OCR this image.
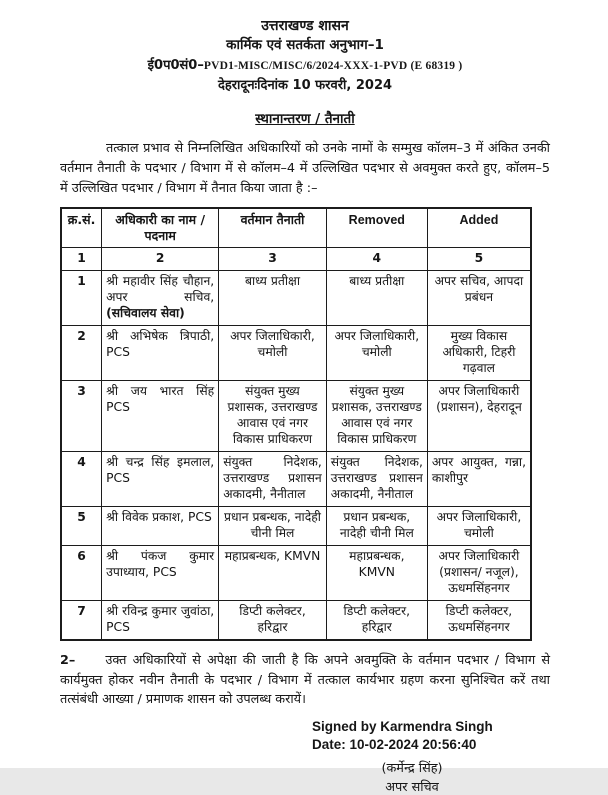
उत्तराखण्ड शासन
कार्मिक एवं सतर्कता अनुभाग–1
ई0प0सं0–PVD1-MISC/MISC/6/2024-XXX-1-PVD (E 68319 )
देहरादूनःदिनांक 10 फरवरी, 2024
स्थानान्तरण / तैनाती

तत्काल प्रभाव से निम्नलिखित अधिकारियों को उनके नामों के सम्मुख कॉलम–3 में अंकित उनकी वर्तमान तैनाती के पदभार / विभाग में से कॉलम–4 में उल्लिखित पदभार से अवमुक्त करते हुए, कॉलम–5 में उल्लिखित पदभार / विभाग में तैनात किया जाता है :–

क्र.सं.	अधिकारी का नाम / पदनाम	वर्तमान तैनाती	Removed	Added
1	2	3	4	5
1	श्री महावीर सिंह चौहान, अपर सचिव, (सचिवालय सेवा)	बाध्य प्रतीक्षा	बाध्य प्रतीक्षा	अपर सचिव, आपदा प्रबंधन
2	श्री अभिषेक त्रिपाठी, PCS	अपर जिलाधिकारी, चमोली	अपर जिलाधिकारी, चमोली	मुख्य विकास अधिकारी, टिहरी गढ़वाल
3	श्री जय भारत सिंह PCS	संयुक्त मुख्य प्रशासक, उत्तराखण्ड आवास एवं नगर विकास प्राधिकरण	संयुक्त मुख्य प्रशासक, उत्तराखण्ड आवास एवं नगर विकास प्राधिकरण	अपर जिलाधिकारी (प्रशासन), देहरादून
4	श्री चन्द्र सिंह इमलाल, PCS	संयुक्त निदेशक, उत्तराखण्ड प्रशासन अकादमी, नैनीताल	संयुक्त निदेशक, उत्तराखण्ड प्रशासन अकादमी, नैनीताल	अपर आयुक्त, गन्ना, काशीपुर
5	श्री विवेक प्रकाश, PCS	प्रधान प्रबन्धक, नादेही चीनी मिल	प्रधान प्रबन्धक, नादेही चीनी मिल	अपर जिलाधिकारी, चमोली
6	श्री पंकज कुमार उपाध्याय, PCS	महाप्रबन्धक, KMVN	महाप्रबन्धक, KMVN	अपर जिलाधिकारी (प्रशासन/ नजूल), ऊधमसिंहनगर
7	श्री रविन्द्र कुमार जुवांठा, PCS	डिप्टी कलेक्टर, हरिद्वार	डिप्टी कलेक्टर, हरिद्वार	डिप्टी कलेक्टर, ऊधमसिंहनगर

2– उक्त अधिकारियों से अपेक्षा की जाती है कि अपने अवमुक्ति के वर्तमान पदभार / विभाग से कार्यमुक्त होकर नवीन तैनाती के पदभार / विभाग में तत्काल कार्यभार ग्रहण करना सुनिश्चित करें तथा तत्संबंधी आख्या / प्रमाणक शासन को उपलब्ध करायें।

Signed by Karmendra Singh
Date: 10-02-2024 20:56:40
(कर्मेन्द्र सिंह)
अपर सचिव
